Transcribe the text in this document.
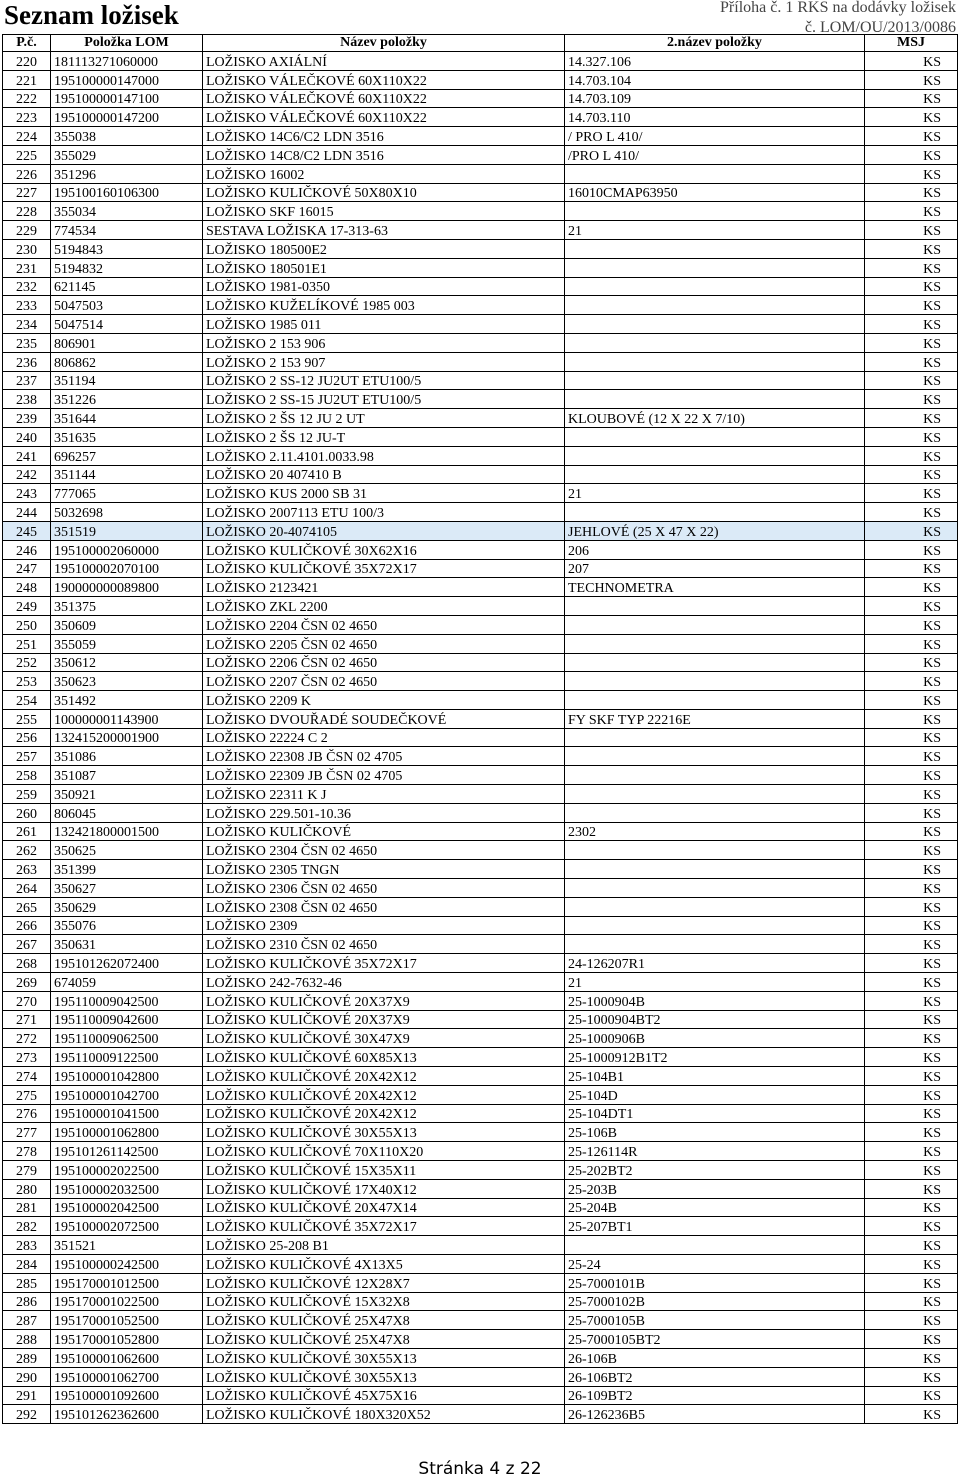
Seznam ložisek	Příloha č. 1 RKS na dodávky ložisek
č. LOM/OU/2013/0086
P.č.	Položka LOM	Název položky	2.název položky	MSJ
220	181113271060000	LOŽISKO AXIÁLNÍ	14.327.106	KS
221	195100000147000	LOŽISKO VÁLEČKOVÉ 60X110X22	14.703.104	KS
222	195100000147100	LOŽISKO VÁLEČKOVÉ 60X110X22	14.703.109	KS
223	195100000147200	LOŽISKO VÁLEČKOVÉ 60X110X22	14.703.110	KS
224	355038	LOŽISKO 14C6/C2 LDN 3516	/ PRO L 410/	KS
225	355029	LOŽISKO 14C8/C2 LDN 3516	/PRO L 410/	KS
226	351296	LOŽISKO 16002		KS
227	195100160106300	LOŽISKO KULIČKOVÉ 50X80X10	16010CMAP63950	KS
228	355034	LOŽISKO SKF 16015		KS
229	774534	SESTAVA LOŽISKA 17-313-63	21	KS
230	5194843	LOŽISKO 180500E2		KS
231	5194832	LOŽISKO 180501E1		KS
232	621145	LOŽISKO 1981-0350		KS
233	5047503	LOŽISKO KUŽELÍKOVÉ 1985 003		KS
234	5047514	LOŽISKO 1985 011		KS
235	806901	LOŽISKO 2 153 906		KS
236	806862	LOŽISKO 2 153 907		KS
237	351194	LOŽISKO 2 SS-12 JU2UT ETU100/5		KS
238	351226	LOŽISKO 2 SS-15 JU2UT ETU100/5		KS
239	351644	LOŽISKO 2 ŠS 12 JU 2 UT	KLOUBOVÉ (12 X 22 X 7/10)	KS
240	351635	LOŽISKO 2 ŠS 12 JU-T		KS
241	696257	LOŽISKO 2.11.4101.0033.98		KS
242	351144	LOŽISKO 20 407410 B		KS
243	777065	LOŽISKO KUS 2000 SB 31	21	KS
244	5032698	LOŽISKO 2007113 ETU 100/3		KS
245	351519	LOŽISKO 20-4074105	JEHLOVÉ (25 X 47 X 22)	KS
246	195100002060000	LOŽISKO KULIČKOVÉ 30X62X16	206	KS
247	195100002070100	LOŽISKO KULIČKOVÉ 35X72X17	207	KS
248	190000000089800	LOŽISKO 2123421	TECHNOMETRA	KS
249	351375	LOŽISKO ZKL 2200		KS
250	350609	LOŽISKO 2204 ČSN 02 4650		KS
251	355059	LOŽISKO 2205 ČSN 02 4650		KS
252	350612	LOŽISKO 2206 ČSN 02 4650		KS
253	350623	LOŽISKO 2207 ČSN 02 4650		KS
254	351492	LOŽISKO 2209 K		KS
255	100000001143900	LOŽISKO DVOUŘADÉ SOUDEČKOVÉ	FY SKF TYP 22216E	KS
256	132415200001900	LOŽISKO 22224 C 2		KS
257	351086	LOŽISKO 22308 JB ČSN 02 4705		KS
258	351087	LOŽISKO 22309 JB ČSN 02 4705		KS
259	350921	LOŽISKO 22311 K J		KS
260	806045	LOŽISKO 229.501-10.36		KS
261	132421800001500	LOŽISKO KULIČKOVÉ	2302	KS
262	350625	LOŽISKO 2304 ČSN 02 4650		KS
263	351399	LOŽISKO 2305 TNGN		KS
264	350627	LOŽISKO 2306 ČSN 02 4650		KS
265	350629	LOŽISKO 2308 ČSN 02 4650		KS
266	355076	LOŽISKO 2309		KS
267	350631	LOŽISKO 2310 ČSN 02 4650		KS
268	195101262072400	LOŽISKO KULIČKOVÉ 35X72X17	24-126207R1	KS
269	674059	LOŽISKO 242-7632-46	21	KS
270	195110009042500	LOŽISKO KULIČKOVÉ 20X37X9	25-1000904B	KS
271	195110009042600	LOŽISKO KULIČKOVÉ 20X37X9	25-1000904BT2	KS
272	195110009062500	LOŽISKO KULIČKOVÉ 30X47X9	25-1000906B	KS
273	195110009122500	LOŽISKO KULIČKOVÉ 60X85X13	25-1000912B1T2	KS
274	195100001042800	LOŽISKO KULIČKOVÉ 20X42X12	25-104B1	KS
275	195100001042700	LOŽISKO KULIČKOVÉ 20X42X12	25-104D	KS
276	195100001041500	LOŽISKO KULIČKOVÉ 20X42X12	25-104DT1	KS
277	195100001062800	LOŽISKO KULIČKOVÉ 30X55X13	25-106B	KS
278	195101261142500	LOŽISKO KULIČKOVÉ 70X110X20	25-126114R	KS
279	195100002022500	LOŽISKO KULIČKOVÉ 15X35X11	25-202BT2	KS
280	195100002032500	LOŽISKO KULIČKOVÉ 17X40X12	25-203B	KS
281	195100002042500	LOŽISKO KULIČKOVÉ 20X47X14	25-204B	KS
282	195100002072500	LOŽISKO KULIČKOVÉ 35X72X17	25-207BT1	KS
283	351521	LOŽISKO 25-208 B1		KS
284	195100000242500	LOŽISKO KULIČKOVÉ 4X13X5	25-24	KS
285	195170001012500	LOŽISKO KULIČKOVÉ 12X28X7	25-7000101B	KS
286	195170001022500	LOŽISKO KULIČKOVÉ 15X32X8	25-7000102B	KS
287	195170001052500	LOŽISKO KULIČKOVÉ 25X47X8	25-7000105B	KS
288	195170001052800	LOŽISKO KULIČKOVÉ 25X47X8	25-7000105BT2	KS
289	195100001062600	LOŽISKO KULIČKOVÉ 30X55X13	26-106B	KS
290	195100001062700	LOŽISKO KULIČKOVÉ 30X55X13	26-106BT2	KS
291	195100001092600	LOŽISKO KULIČKOVÉ 45X75X16	26-109BT2	KS
292	195101262362600	LOŽISKO KULIČKOVÉ 180X320X52	26-126236B5	KS
Stránka 4 z 22
